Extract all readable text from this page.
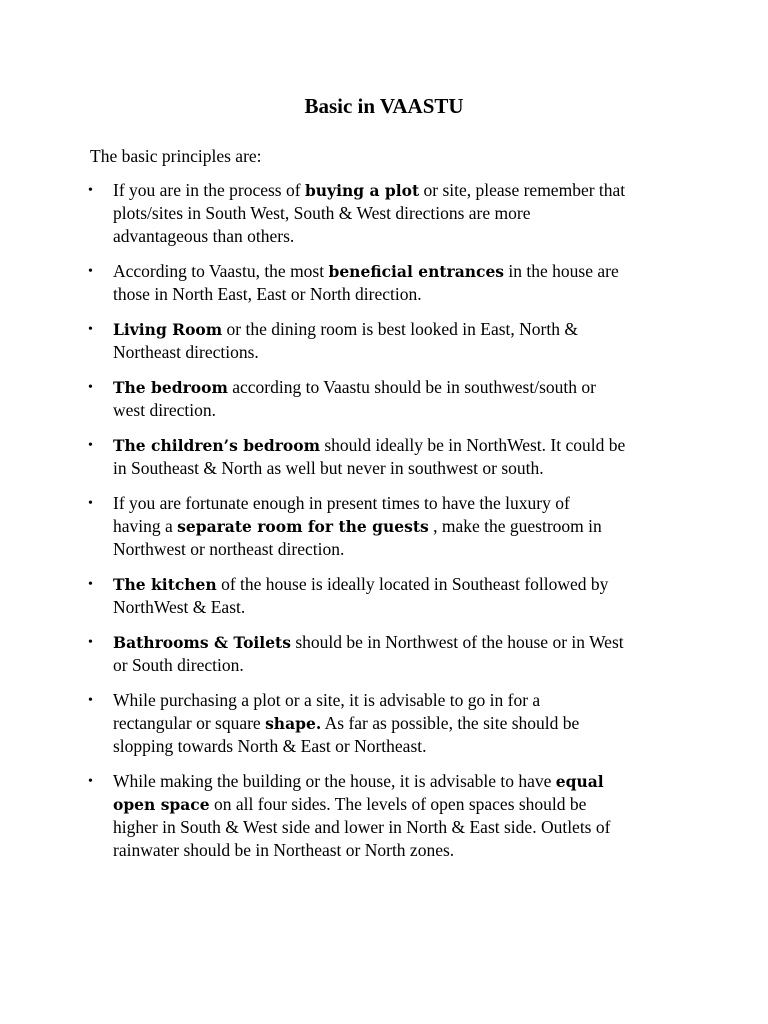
Basic in VAASTU

The basic principles are:

• If you are in the process of buying a plot or site, please remember that
plots/sites in South West, South & West directions are more
advantageous than others.
• According to Vaastu, the most beneficial entrances in the house are
those in North East, East or North direction.
•	Living Room or the dining room is best looked in East, North &
Northeast directions.
•	The bedroom according to Vaastu should be in southwest/south or
west direction.
•	The children’s bedroom should ideally be in NorthWest. It could be
in Southeast & North as well but never in southwest or south.
• If you are fortunate enough in present times to have the luxury of
having a separate room for the guests , make the guestroom in
Northwest or northeast direction.
•	The kitchen of the house is ideally located in Southeast followed by
NorthWest & East.
•	Bathrooms & Toilets should be in Northwest of the house or in West
or South direction.
• While purchasing a plot or a site, it is advisable to go in for a
rectangular or square shape. As far as possible, the site should be
slopping towards North & East or Northeast.
• While making the building or the house, it is advisable to have equal
open space on all four sides. The levels of open spaces should be
higher in South & West side and lower in North & East side. Outlets of
rainwater should be in Northeast or North zones.
